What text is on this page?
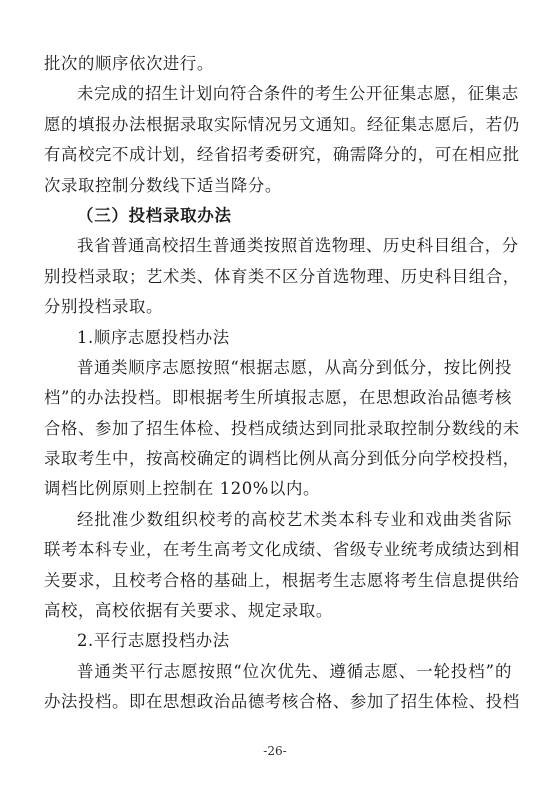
批次的顺序依次进行。
未完成的招生计划向符合条件的考生公开征集志愿，征集志
愿的填报办法根据录取实际情况另文通知。经征集志愿后，若仍
有高校完不成计划，经省招考委研究，确需降分的，可在相应批
次录取控制分数线下适当降分。
（三）投档录取办法
我省普通高校招生普通类按照首选物理、历史科目组合，分
别投档录取；艺术类、体育类不区分首选物理、历史科目组合，
分别投档录取。
1.顺序志愿投档办法
普通类顺序志愿按照“根据志愿，从高分到低分，按比例投
档”的办法投档。即根据考生所填报志愿，在思想政治品德考核
合格、参加了招生体检、投档成绩达到同批录取控制分数线的未
录取考生中，按高校确定的调档比例从高分到低分向学校投档，
调档比例原则上控制在 120%以内。
经批准少数组织校考的高校艺术类本科专业和戏曲类省际
联考本科专业，在考生高考文化成绩、省级专业统考成绩达到相
关要求，且校考合格的基础上，根据考生志愿将考生信息提供给
高校，高校依据有关要求、规定录取。
2.平行志愿投档办法
普通类平行志愿按照“位次优先、遵循志愿、一轮投档”的
办法投档。即在思想政治品德考核合格、参加了招生体检、投档
-26-
